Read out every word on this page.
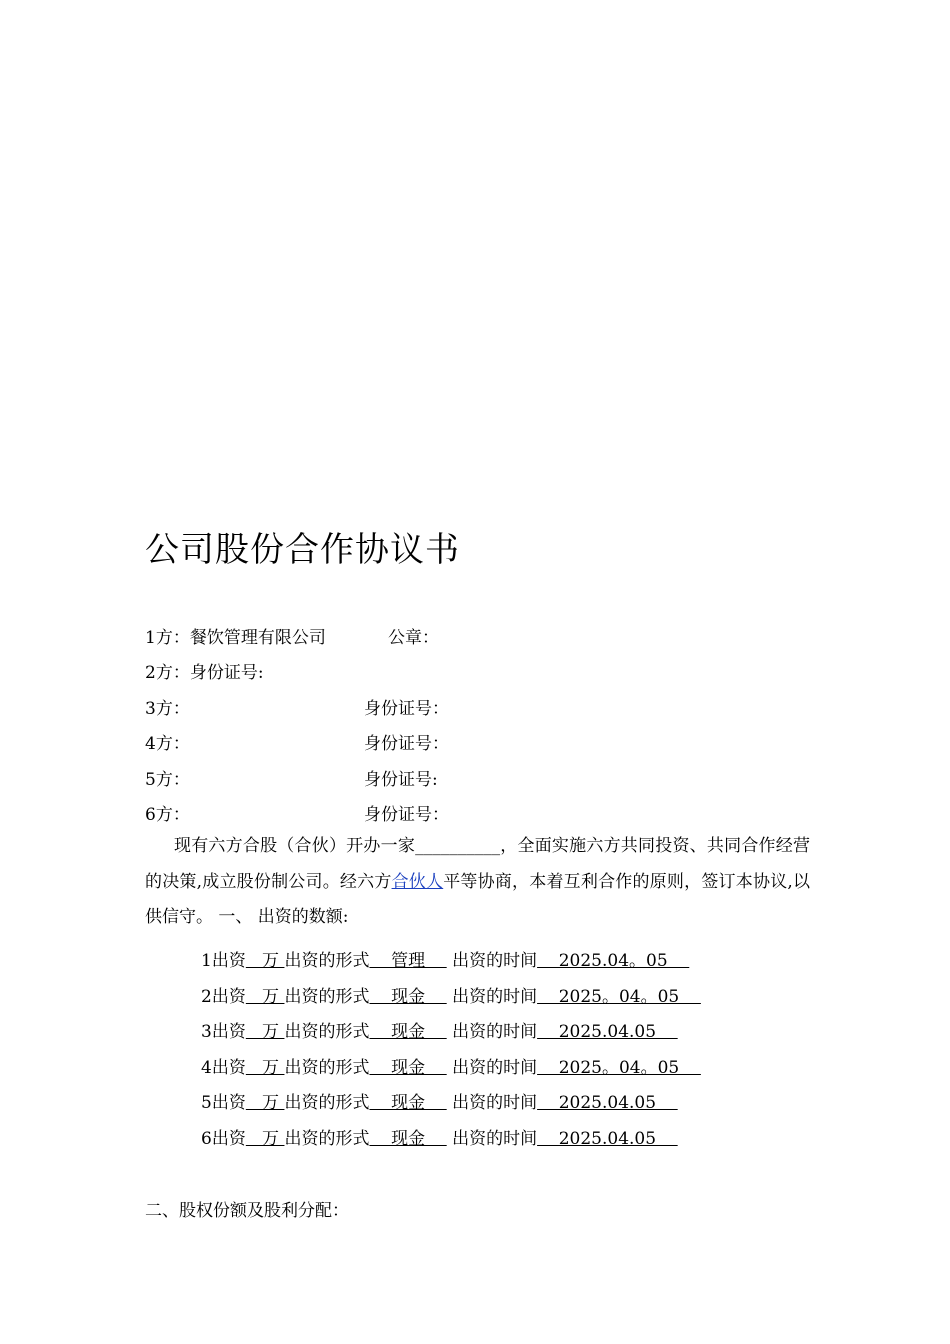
公司股份合作协议书
1方：餐饮管理有限公司	公章：
2方：身份证号:
3方：	身份证号：
4方：	身份证号：
5方：	身份证号:
6方：	身份证号：
现有六方合股（合伙）开办一家__________，全面实施六方共同投资、共同合作经营的决策,成立股份制公司。经六方合伙人平等协商，本着互利合作的原则，签订本协议,以供信守。 一、 出资的数额:
1出资   万 出资的形式    管理     出资的时间    2025.04。05
2出资   万 出资的形式    现金     出资的时间    2025。04。05
3出资   万 出资的形式    现金     出资的时间    2025.04.05
4出资   万 出资的形式    现金     出资的时间    2025。04。05
5出资   万 出资的形式    现金     出资的时间    2025.04.05
6出资   万 出资的形式    现金     出资的时间    2025.04.05
二、股权份额及股利分配：
